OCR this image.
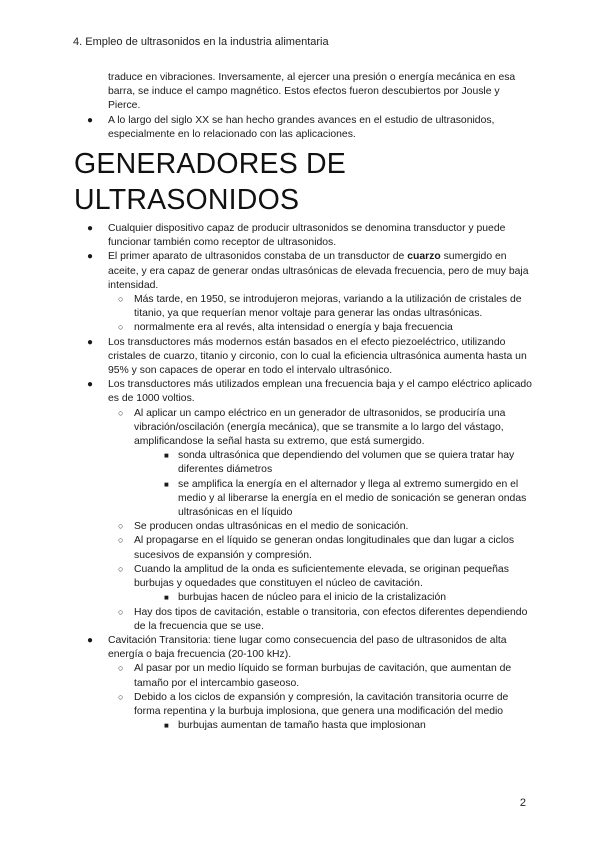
4. Empleo de ultrasonidos en la industria alimentaria

traduce en vibraciones. Inversamente, al ejercer una presión o energía mecánica en esa barra, se induce el campo magnético. Estos efectos fueron descubiertos por Jousle y Pierce.

● A lo largo del siglo XX se han hecho grandes avances en el estudio de ultrasonidos, especialmente en lo relacionado con las aplicaciones.
GENERADORES DE ULTRASONIDOS
● Cualquier dispositivo capaz de producir ultrasonidos se denomina transductor y puede funcionar también como receptor de ultrasonidos.
● El primer aparato de ultrasonidos constaba de un transductor de cuarzo sumergido en aceite, y era capaz de generar ondas ultrasónicas de elevada frecuencia, pero de muy baja intensidad.
○ Más tarde, en 1950, se introdujeron mejoras, variando a la utilización de cristales de titanio, ya que requerían menor voltaje para generar las ondas ultrasónicas.
○ normalmente era al revés, alta intensidad o energía y baja frecuencia
● Los transductores más modernos están basados en el efecto piezoeléctrico, utilizando cristales de cuarzo, titanio y circonio, con lo cual la eficiencia ultrasónica aumenta hasta un 95% y son capaces de operar en todo el intervalo ultrasónico.
● Los transductores más utilizados emplean una frecuencia baja y el campo eléctrico aplicado es de 1000 voltios.
○ Al aplicar un campo eléctrico en un generador de ultrasonidos, se produciría una vibración/oscilación (energía mecánica), que se transmite a lo largo del vástago, amplificandose la señal hasta su extremo, que está sumergido.
■ sonda ultrasónica que dependiendo del volumen que se quiera tratar hay diferentes diámetros
■ se amplifica la energía en el alternador y llega al extremo sumergido en el medio y al liberarse la energía en el medio de sonicación se generan ondas ultrasónicas en el líquido
○ Se producen ondas ultrasónicas en el medio de sonicación.
○ Al propagarse en el líquido se generan ondas longitudinales que dan lugar a ciclos sucesivos de expansión y compresión.
○ Cuando la amplitud de la onda es suficientemente elevada, se originan pequeñas burbujas y oquedades que constituyen el núcleo de cavitación.
■ burbujas hacen de núcleo para el inicio de la cristalización
○ Hay dos tipos de cavitación, estable o transitoria, con efectos diferentes dependiendo de la frecuencia que se use.
● Cavitación Transitoria: tiene lugar como consecuencia del paso de ultrasonidos de alta energía o baja frecuencia (20-100 kHz).
○ Al pasar por un medio líquido se forman burbujas de cavitación, que aumentan de tamaño por el intercambio gaseoso.
○ Debido a los ciclos de expansión y compresión, la cavitación transitoria ocurre de forma repentina y la burbuja implosiona, que genera una modificación del medio
■ burbujas aumentan de tamaño hasta que implosionan
2
